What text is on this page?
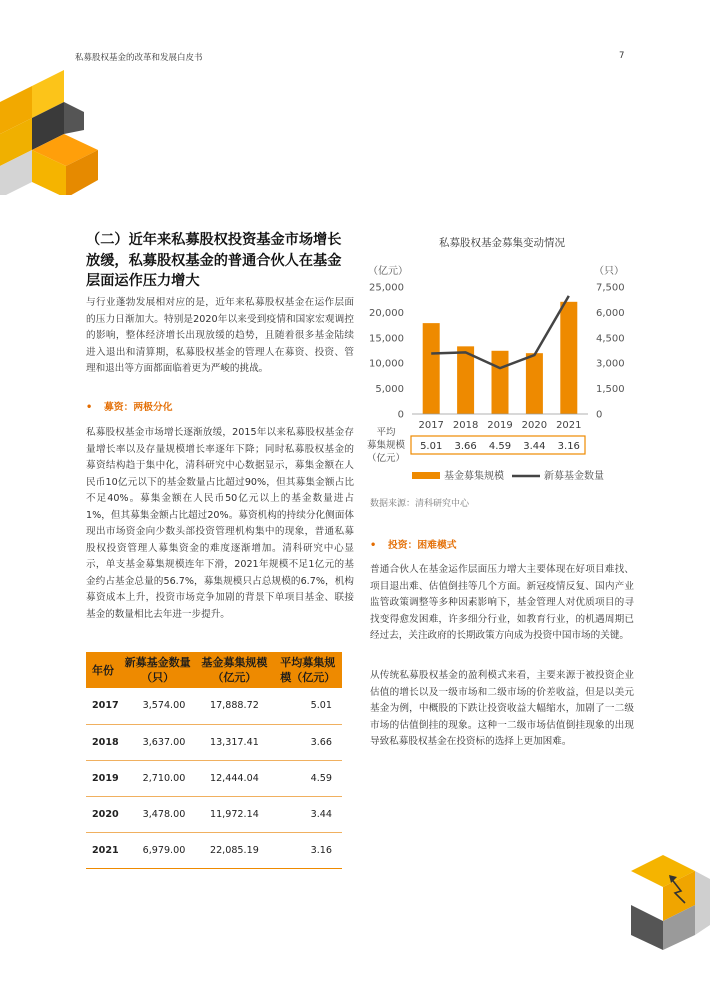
私募股权基金的改革和发展白皮书	7
（二）近年来私募股权投资基金市场增长放缓，私募股权基金的普通合伙人在基金层面运作压力增大
与行业蓬勃发展相对应的是，近年来私募股权基金在运作层面的压力日渐加大。特别是2020年以来受到疫情和国家宏观调控的影响，整体经济增长出现放缓的趋势，且随着很多基金陆续进入退出和清算期，私募股权基金的管理人在募资、投资、管理和退出等方面都面临着更为严峻的挑战。
• 募资：两极分化
私募股权基金市场增长逐渐放缓，2015年以来私募股权基金存量增长率以及存量规模增长率逐年下降；同时私募股权基金的募资结构趋于集中化，清科研究中心数据显示，募集金额在人民币10亿元以下的基金数量占比超过90%，但其募集金额占比不足40%。募集金额在人民币50亿元以上的基金数量进占1%，但其募集金额占比超过20%。募资机构的持续分化侧面体现出市场资金向少数头部投资管理机构集中的现象，普通私募股权投资管理人募集资金的难度逐渐增加。清科研究中心显示，单支基金募集规模连年下滑，2021年规模不足1亿元的基金约占基金总量的56.7%，募集规模只占总规模的6.7%，机构募资成本上升，投资市场竞争加剧的背景下单项目基金、联接基金的数量相比去年进一步提升。
年份	新募基金数量（只）	基金募集规模（亿元）	平均募集规模（亿元）
2017	3,574.00	17,888.72	5.01
2018	3,637.00	13,317.41	3.66
2019	2,710.00	12,444.04	4.59
2020	3,478.00	11,972.14	3.44
2021	6,979.00	22,085.19	3.16
私募股权基金募集变动情况
（亿元）	（只）
0
5,000
10,000
15,000
20,000
25,000
0
1,500
3,000
4,500
6,000
7,500
2017 2018 2019 2020 2021
平均
募集规模
（亿元）
5.01 3.66 4.59 3.44 3.16
基金募集规模	新募基金数量
数据来源：清科研究中心
• 投资：困难模式
普通合伙人在基金运作层面压力增大主要体现在好项目难找、项目退出难、估值倒挂等几个方面。新冠疫情反复、国内产业监管政策调整等多种因素影响下，基金管理人对优质项目的寻找变得愈发困难，许多细分行业，如教育行业，的机遇周期已经过去，关注政府的长期政策方向成为投资中国市场的关键。
从传统私募股权基金的盈利模式来看，主要来源于被投资企业估值的增长以及一级市场和二级市场的价差收益，但是以美元基金为例，中概股的下跌让投资收益大幅缩水，加剧了一二级市场的估值倒挂的现象。这种一二级市场估值倒挂现象的出现导致私募股权基金在投资标的选择上更加困难。
